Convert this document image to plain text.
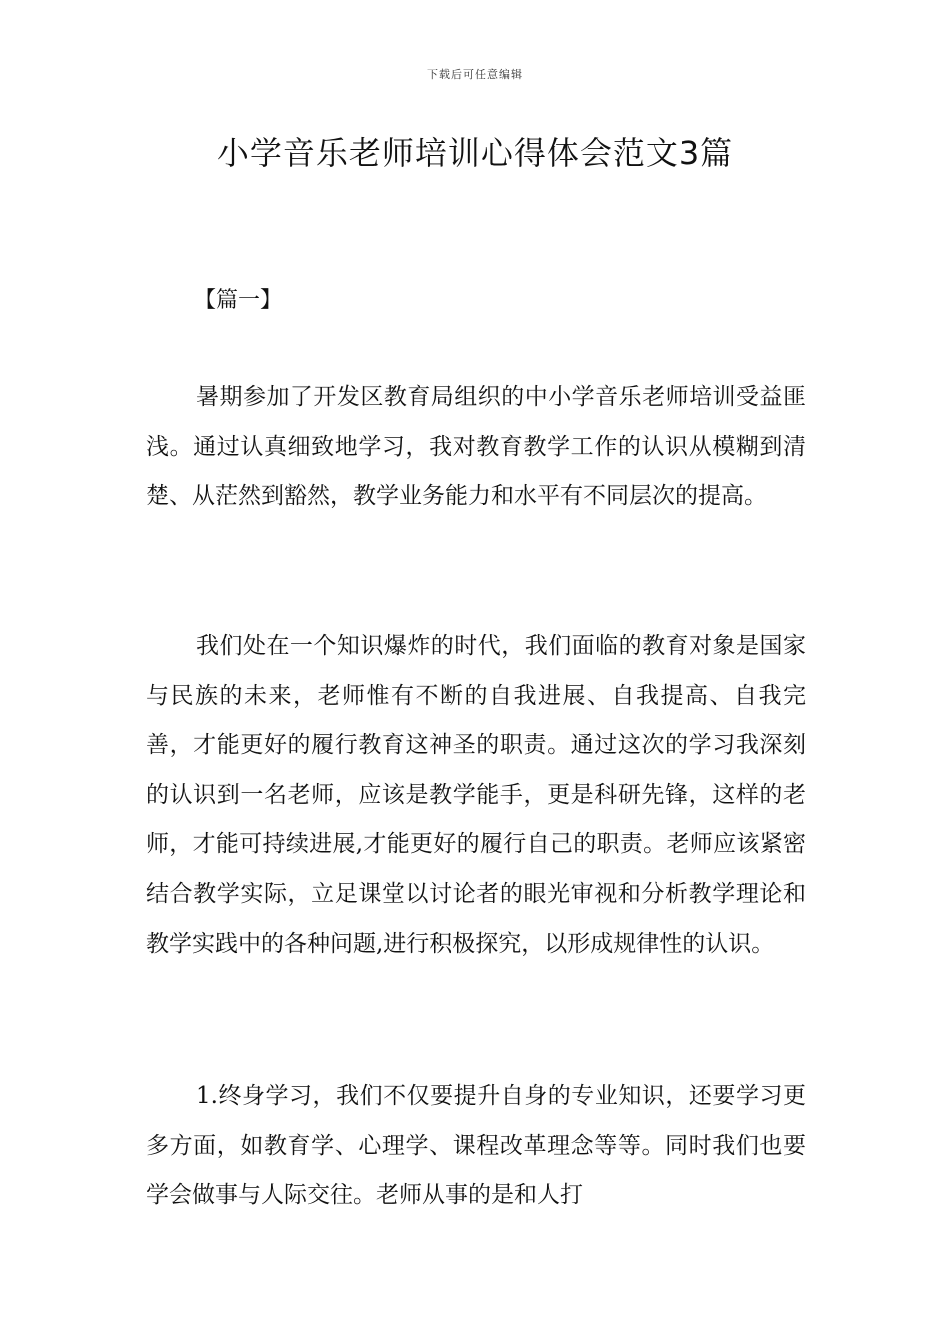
下载后可任意编辑
小学音乐老师培训心得体会范文3篇
【篇一】

暑期参加了开发区教育局组织的中小学音乐老师培训受益匪浅。通过认真细致地学习，我对教育教学工作的认识从模糊到清楚、从茫然到豁然，教学业务能力和水平有不同层次的提高。

我们处在一个知识爆炸的时代，我们面临的教育对象是国家与民族的未来，老师惟有不断的自我进展、自我提高、自我完善，才能更好的履行教育这神圣的职责。通过这次的学习我深刻的认识到一名老师，应该是教学能手，更是科研先锋，这样的老师，才能可持续进展,才能更好的履行自己的职责。老师应该紧密结合教学实际，立足课堂以讨论者的眼光审视和分析教学理论和教学实践中的各种问题,进行积极探究，以形成规律性的认识。

1.终身学习，我们不仅要提升自身的专业知识，还要学习更多方面，如教育学、心理学、课程改革理念等等。同时我们也要学会做事与人际交往。老师从事的是和人打
